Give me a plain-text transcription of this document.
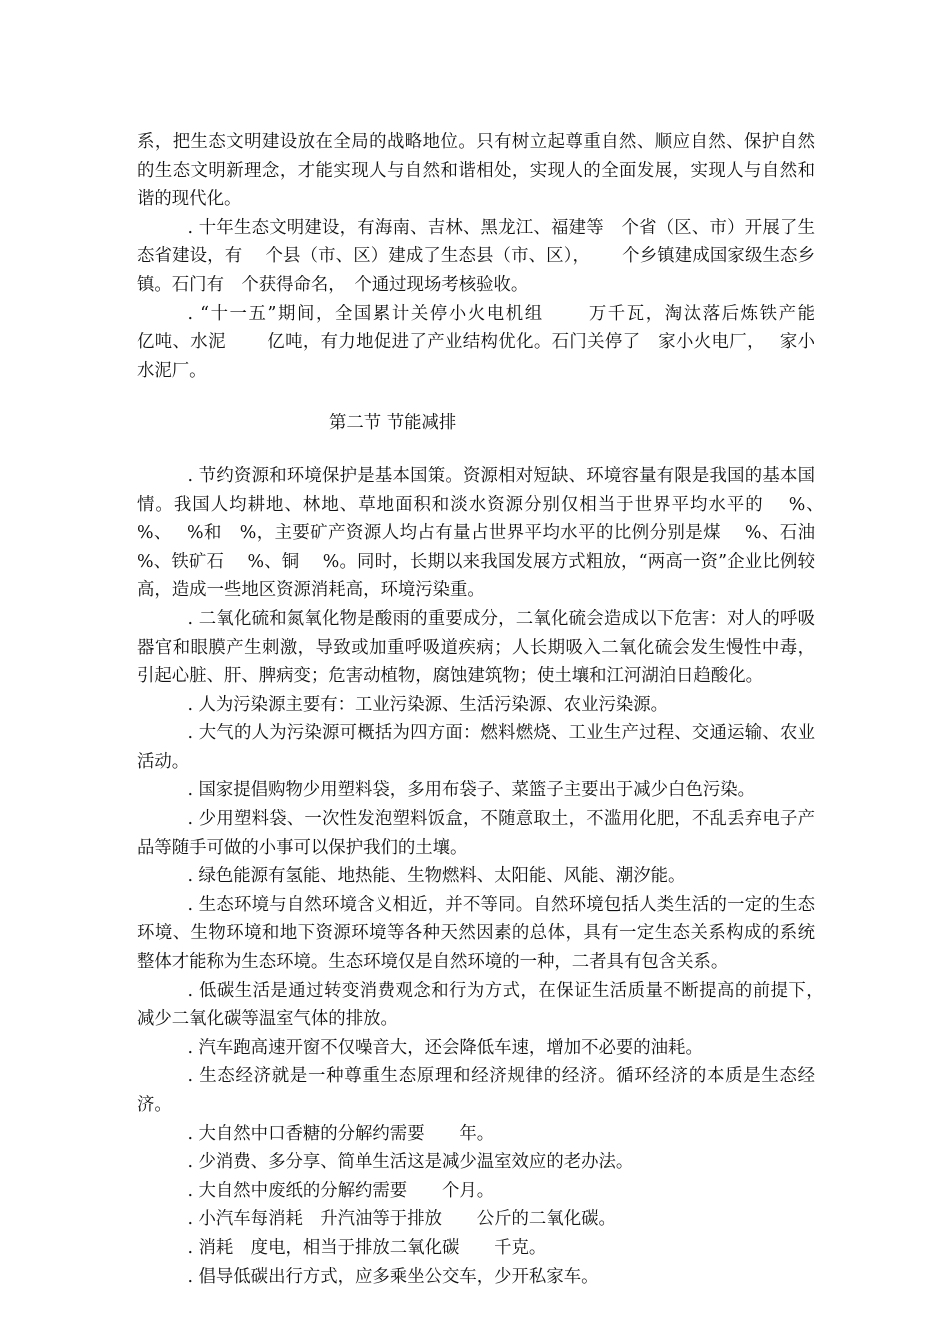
系，把生态文明建设放在全局的战略地位。只有树立起尊重自然、顺应自然、保护自然的生态文明新理念，才能实现人与自然和谐相处，实现人的全面发展，实现人与自然和谐的现代化。

. 十年生态文明建设，有海南、吉林、黑龙江、福建等　个省（区、市）开展了生态省建设，有　 个县（市、区）建成了生态县（市、区），　　 个乡镇建成国家级生态乡镇。石门有　个获得命名，　个通过现场考核验收。

. “十一五”期间，全国累计关停小火电机组　　 万千瓦，淘汰落后炼铁产能　　 亿吨、水泥　　 亿吨，有力地促进了产业结构优化。石门关停了　家小火电厂，　 家小水泥厂。

第二节 节能减排

. 节约资源和环境保护是基本国策。资源相对短缺、环境容量有限是我国的基本国情。我国人均耕地、林地、草地面积和淡水资源分别仅相当于世界平均水平的　 %、　 %、　 %和　%，主要矿产资源人均占有量占世界平均水平的比例分别是煤　 %、石油　%、铁矿石　 %、铜　 %。同时，长期以来我国发展方式粗放，“两高一资”企业比例较高，造成一些地区资源消耗高，环境污染重。

. 二氧化硫和氮氧化物是酸雨的重要成分，二氧化硫会造成以下危害：对人的呼吸器官和眼膜产生刺激，导致或加重呼吸道疾病；人长期吸入二氧化硫会发生慢性中毒，引起心脏、肝、脾病变；危害动植物，腐蚀建筑物；使土壤和江河湖泊日趋酸化。

. 人为污染源主要有：工业污染源、生活污染源、农业污染源。

. 大气的人为污染源可概括为四方面：燃料燃烧、工业生产过程、交通运输、农业活动。

. 国家提倡购物少用塑料袋，多用布袋子、菜篮子主要出于减少白色污染。

. 少用塑料袋、一次性发泡塑料饭盒，不随意取土，不滥用化肥，不乱丢弃电子产品等随手可做的小事可以保护我们的土壤。

. 绿色能源有氢能、地热能、生物燃料、太阳能、风能、潮汐能。

. 生态环境与自然环境含义相近，并不等同。自然环境包括人类生活的一定的生态环境、生物环境和地下资源环境等各种天然因素的总体，具有一定生态关系构成的系统整体才能称为生态环境。生态环境仅是自然环境的一种，二者具有包含关系。

. 低碳生活是通过转变消费观念和行为方式，在保证生活质量不断提高的前提下，　减少二氧化碳等温室气体的排放。

. 汽车跑高速开窗不仅噪音大，还会降低车速，增加不必要的油耗。

. 生态经济就是一种尊重生态原理和经济规律的经济。循环经济的本质是生态经济。

. 大自然中口香糖的分解约需要　　年。

. 少消费、多分享、简单生活这是减少温室效应的老办法。

. 大自然中废纸的分解约需要　　个月。

. 小汽车每消耗　升汽油等于排放　　公斤的二氧化碳。

. 消耗　度电，相当于排放二氧化碳　　千克。

. 倡导低碳出行方式，应多乘坐公交车，少开私家车。
